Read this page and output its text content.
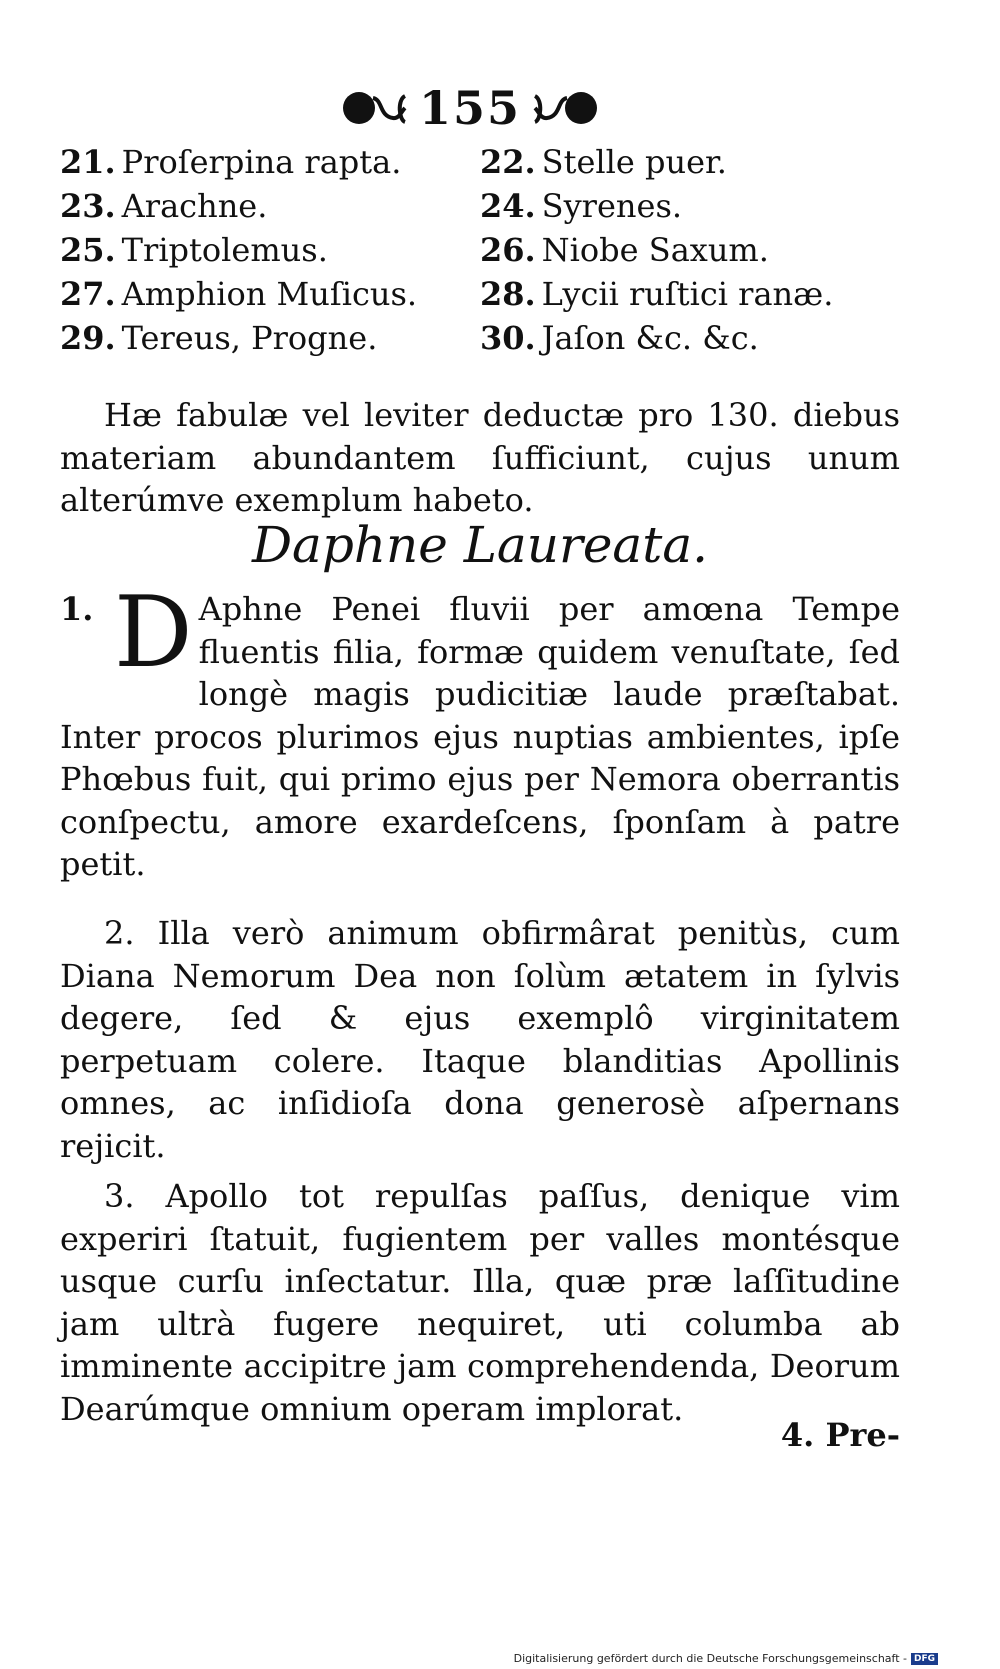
155
21. Proſerpina rapta. 22. Stelle puer.
23. Arachne.	24. Syrenes.
25. Triptolemus.	26. Niobe Saxum.
27. Amphion Muſicus. 28. Lycii ruſtici ranæ.
29. Tereus, Progne.	30. Jaſon &c. &c.

Hæ fabulæ vel leviter deductæ pro 130. diebus materiam abundantem ſufficiunt, cujus unum alterúmve exemplum habeto.

Daphne Laureata.
1. D Aphne Penei fluvii per amœna Tempe fluentis filia, formæ quidem venuſtate, ſed longè magis pudicitiæ laude præſtabat. Inter procos plurimos ejus nuptias ambientes, ipſe Phœbus fuit, qui primo ejus per Nemora oberrantis conſpectu, amore exardeſcens, ſponſam à patre petit.

2. Illa verò animum obfirmârat penitùs, cum Diana Nemorum Dea non ſolùm ætatem in ſylvis degere, ſed & ejus exemplô virginitatem perpetuam colere. Itaque blanditias Apollinis omnes, ac inſidioſa dona generosè aſpernans rejicit.

3. Apollo tot repulſas paſſus, denique vim experiri ſtatuit, fugientem per valles montésque usque curſu inſectatur. Illa, quæ præ laſſitudine jam ultrà fugere nequiret, uti columba ab imminente accipitre jam comprehendenda, Deorum Dearúmque omnium operam implorat.

4. Pre-
Digitalisierung gefördert durch die Deutsche Forschungsgemeinschaft - DFG
